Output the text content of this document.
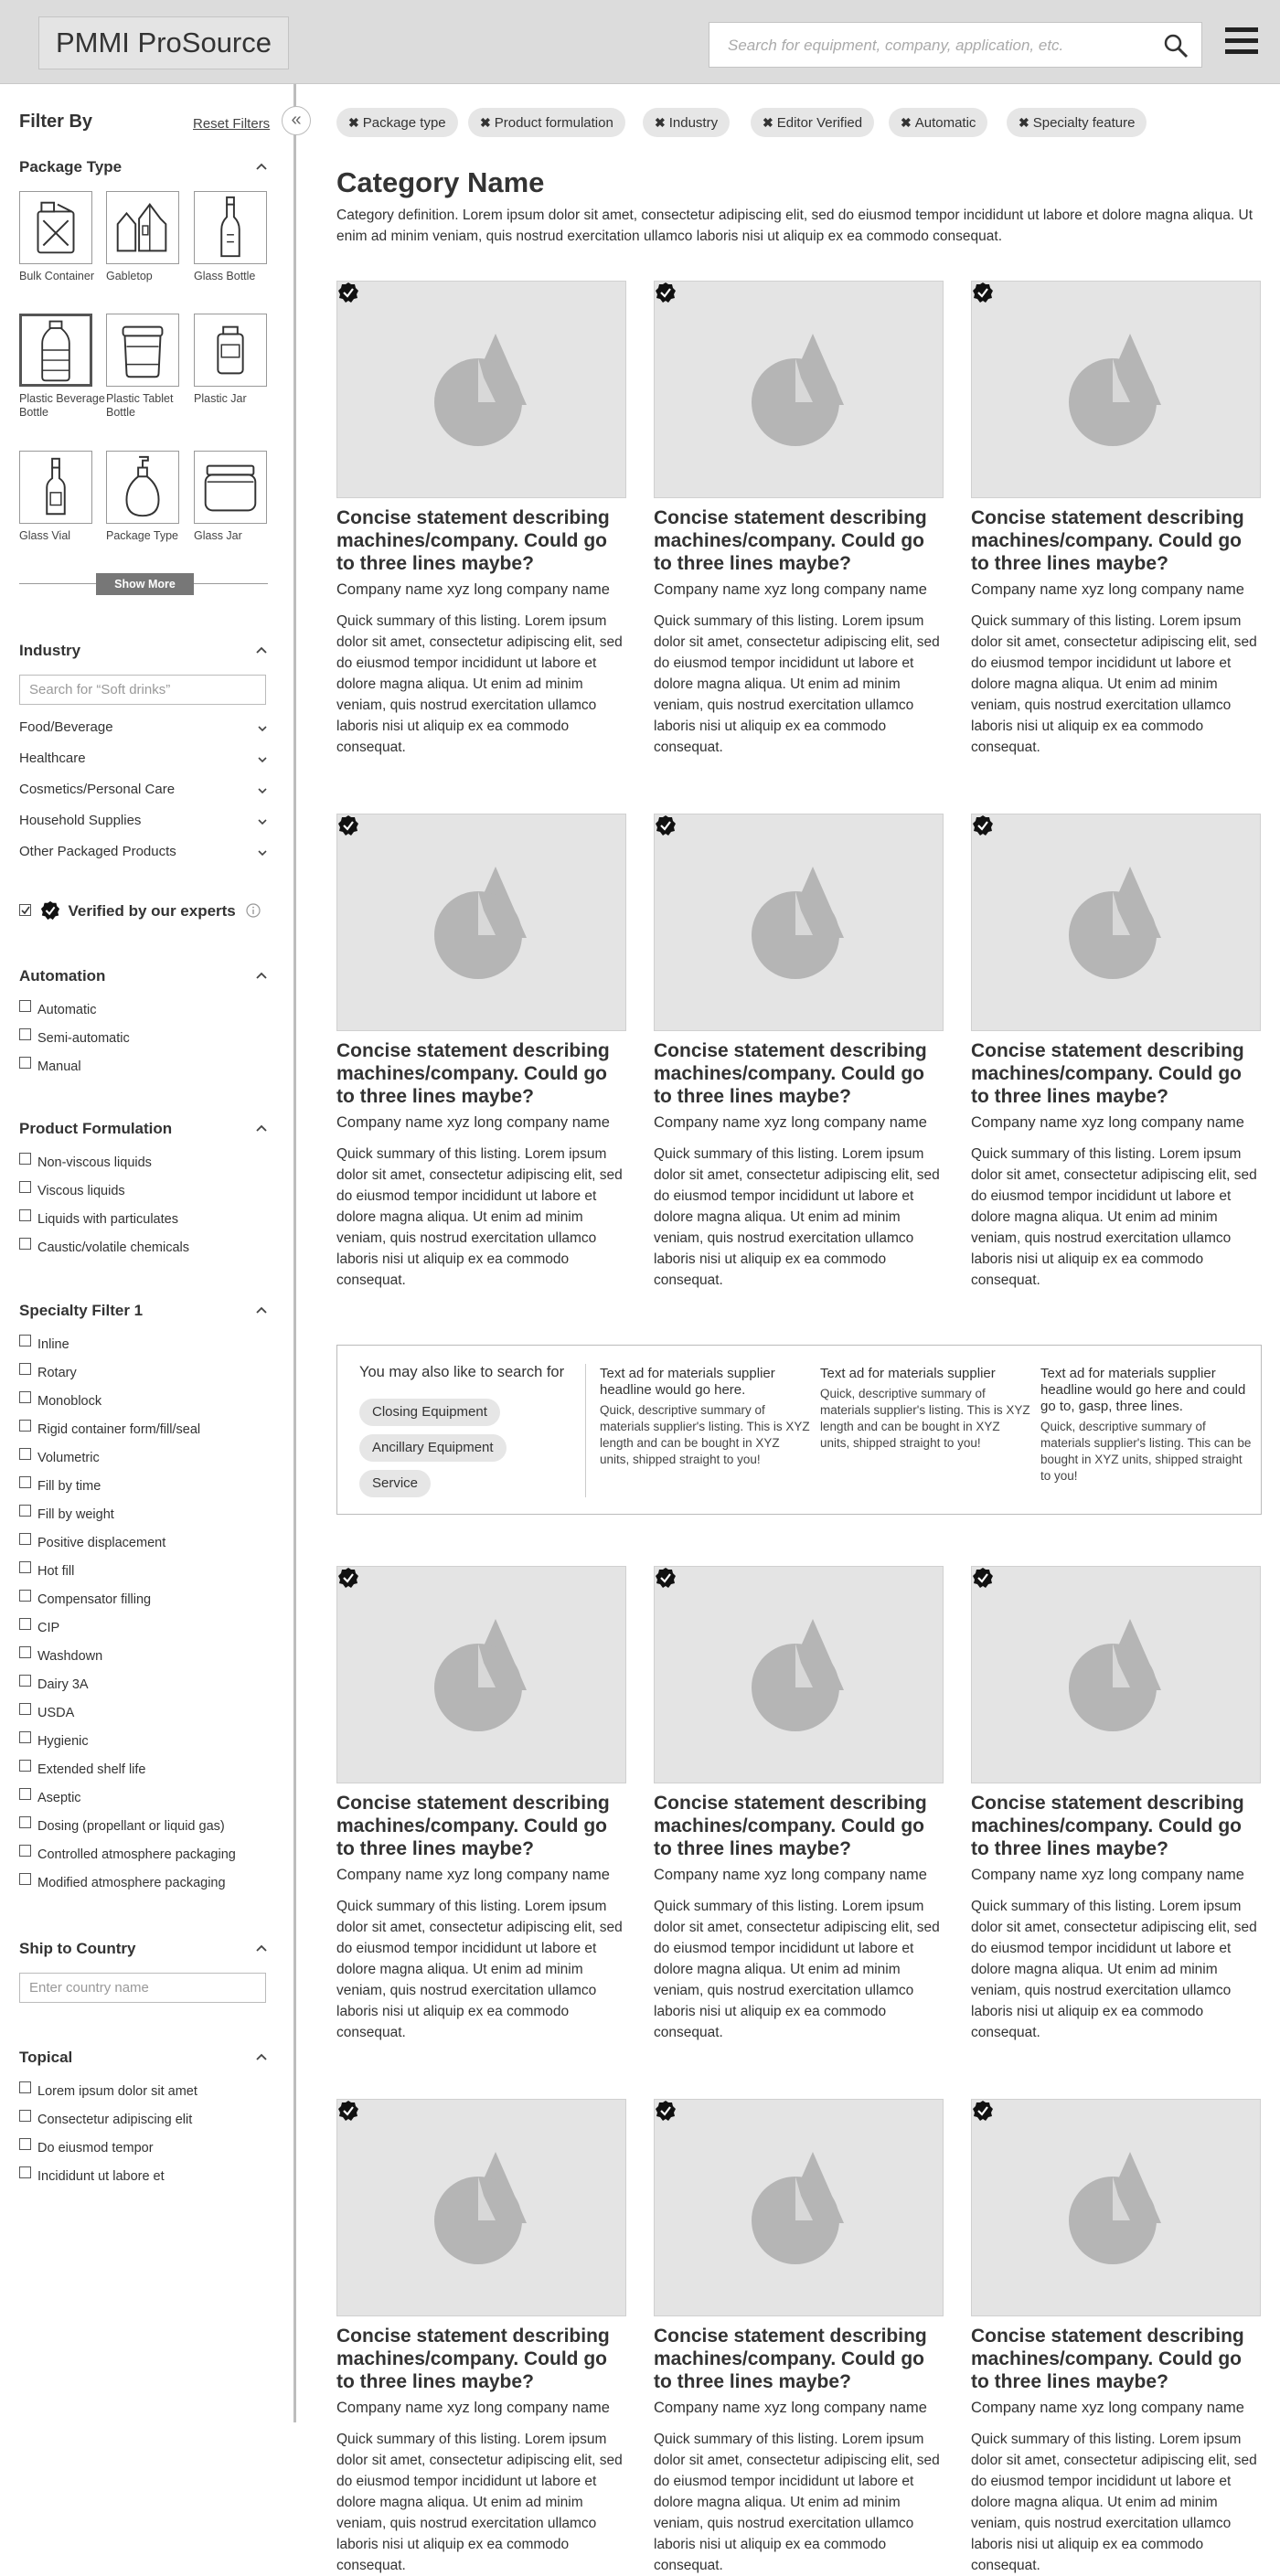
PMMI ProSource	Search for equipment, company, application, etc.
«
Filter By	Reset Filters
Package Type
Bulk Container	Gabletop	Glass Bottle
Plastic Beverage Bottle
Plastic Tablet Bottle
Plastic Jar
Glass Vial	Package Type	Glass Jar
Show More
Industry
Search for “Soft drinks”
Food/Beverage
Healthcare
Cosmetics/Personal Care
Household Supplies
Other Packaged Products
Verified by our experts
Automation
Automatic
Semi-automatic
Manual
Product Formulation
Non-viscous liquids
Viscous liquids
Liquids with particulates
Caustic/volatile chemicals
Specialty Filter 1
Inline
Rotary
Monoblock
Rigid container form/fill/seal
Volumetric
Fill by time
Fill by weight
Positive displacement
Hot fill
Compensator filling
CIP
Washdown
Dairy 3A
USDA
Hygienic
Extended shelf life
Aseptic
Dosing (propellant or liquid gas)
Controlled atmosphere packaging
Modified atmosphere packaging
Ship to Country
Enter country name
Topical
Lorem ipsum dolor sit amet
Consectetur adipiscing elit
Do eiusmod tempor
Incididunt ut labore et
✖ Package type	✖ Product formulation	✖ Industry	✖ Editor Verified	✖ Automatic	✖ Specialty feature
Category Name
Category definition. Lorem ipsum dolor sit amet, consectetur adipiscing elit, sed do eiusmod tempor incididunt ut labore et dolore magna aliqua. Ut enim ad minim veniam, quis nostrud exercitation ullamco laboris nisi ut aliquip ex ea commodo consequat.
Concise statement describing machines/company. Could go to three lines maybe?
Company name xyz long company name
Quick summary of this listing. Lorem ipsum dolor sit amet, consectetur adipiscing elit, sed do eiusmod tempor incididunt ut labore et dolore magna aliqua. Ut enim ad minim veniam, quis nostrud exercitation ullamco laboris nisi ut aliquip ex ea commodo consequat.
Concise statement describing machines/company. Could go to three lines maybe?
Company name xyz long company name
Quick summary of this listing. Lorem ipsum dolor sit amet, consectetur adipiscing elit, sed do eiusmod tempor incididunt ut labore et dolore magna aliqua. Ut enim ad minim veniam, quis nostrud exercitation ullamco laboris nisi ut aliquip ex ea commodo consequat.
Concise statement describing machines/company. Could go to three lines maybe?
Company name xyz long company name
Quick summary of this listing. Lorem ipsum dolor sit amet, consectetur adipiscing elit, sed do eiusmod tempor incididunt ut labore et dolore magna aliqua. Ut enim ad minim veniam, quis nostrud exercitation ullamco laboris nisi ut aliquip ex ea commodo consequat.
Concise statement describing machines/company. Could go to three lines maybe?
Company name xyz long company name
Quick summary of this listing. Lorem ipsum dolor sit amet, consectetur adipiscing elit, sed do eiusmod tempor incididunt ut labore et dolore magna aliqua. Ut enim ad minim veniam, quis nostrud exercitation ullamco laboris nisi ut aliquip ex ea commodo consequat.
Concise statement describing machines/company. Could go to three lines maybe?
Company name xyz long company name
Quick summary of this listing. Lorem ipsum dolor sit amet, consectetur adipiscing elit, sed do eiusmod tempor incididunt ut labore et dolore magna aliqua. Ut enim ad minim veniam, quis nostrud exercitation ullamco laboris nisi ut aliquip ex ea commodo consequat.
Concise statement describing machines/company. Could go to three lines maybe?
Company name xyz long company name
Quick summary of this listing. Lorem ipsum dolor sit amet, consectetur adipiscing elit, sed do eiusmod tempor incididunt ut labore et dolore magna aliqua. Ut enim ad minim veniam, quis nostrud exercitation ullamco laboris nisi ut aliquip ex ea commodo consequat.
Concise statement describing machines/company. Could go to three lines maybe?
Company name xyz long company name
Quick summary of this listing. Lorem ipsum dolor sit amet, consectetur adipiscing elit, sed do eiusmod tempor incididunt ut labore et dolore magna aliqua. Ut enim ad minim veniam, quis nostrud exercitation ullamco laboris nisi ut aliquip ex ea commodo consequat.
Concise statement describing machines/company. Could go to three lines maybe?
Company name xyz long company name
Quick summary of this listing. Lorem ipsum dolor sit amet, consectetur adipiscing elit, sed do eiusmod tempor incididunt ut labore et dolore magna aliqua. Ut enim ad minim veniam, quis nostrud exercitation ullamco laboris nisi ut aliquip ex ea commodo consequat.
Concise statement describing machines/company. Could go to three lines maybe?
Company name xyz long company name
Quick summary of this listing. Lorem ipsum dolor sit amet, consectetur adipiscing elit, sed do eiusmod tempor incididunt ut labore et dolore magna aliqua. Ut enim ad minim veniam, quis nostrud exercitation ullamco laboris nisi ut aliquip ex ea commodo consequat.
Concise statement describing machines/company. Could go to three lines maybe?
Company name xyz long company name
Quick summary of this listing. Lorem ipsum dolor sit amet, consectetur adipiscing elit, sed do eiusmod tempor incididunt ut labore et dolore magna aliqua. Ut enim ad minim veniam, quis nostrud exercitation ullamco laboris nisi ut aliquip ex ea commodo consequat.
Concise statement describing machines/company. Could go to three lines maybe?
Company name xyz long company name
Quick summary of this listing. Lorem ipsum dolor sit amet, consectetur adipiscing elit, sed do eiusmod tempor incididunt ut labore et dolore magna aliqua. Ut enim ad minim veniam, quis nostrud exercitation ullamco laboris nisi ut aliquip ex ea commodo consequat.
Concise statement describing machines/company. Could go to three lines maybe?
Company name xyz long company name
Quick summary of this listing. Lorem ipsum dolor sit amet, consectetur adipiscing elit, sed do eiusmod tempor incididunt ut labore et dolore magna aliqua. Ut enim ad minim veniam, quis nostrud exercitation ullamco laboris nisi ut aliquip ex ea commodo consequat.
You may also like to search for
Closing Equipment
Ancillary Equipment
Service
Text ad for materials supplier headline would go here.
Quick, descriptive summary of materials supplier's listing. This is XYZ length and can be bought in XYZ units, shipped straight to you!
Text ad for materials supplier
Quick, descriptive summary of materials supplier's listing. This is XYZ length and can be bought in XYZ units, shipped straight to you!
Text ad for materials supplier headline would go here and could go to, gasp, three lines.
Quick, descriptive summary of materials supplier's listing. This can be bought in XYZ units, shipped straight to you!
